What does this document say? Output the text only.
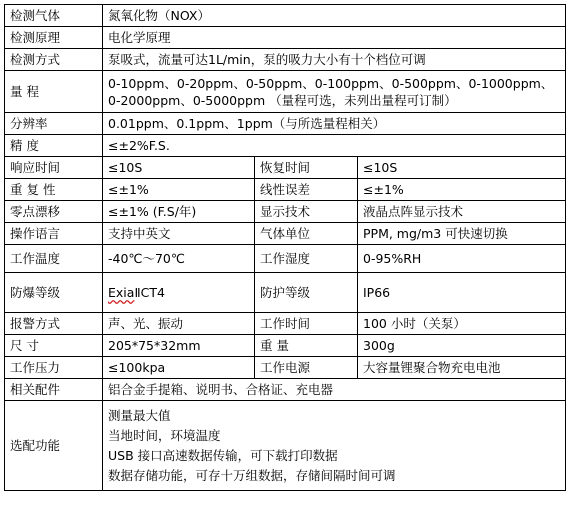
检测气体	氮氧化物（NOX）		
检测原理	电化学原理		
检测方式	泵吸式，流量可达1L/min，泵的吸力大小有十个档位可调		
量 程	0-10ppm、0-20ppm、0-50ppm、0-100ppm、0-500ppm、0-1000ppm、0-2000ppm、0-5000ppm （量程可选，未列出量程可订制）		
分辨率	0.01ppm、0.1ppm、1ppm（与所选量程相关）		
精 度	≤±2%F.S.		
响应时间	≤10S	恢复时间	≤10S
重 复 性	≤±1%	线性误差	≤±1%
零点漂移	≤±1% (F.S/年)	显示技术	液晶点阵显示技术
操作语言	支持中英文	气体单位	PPM, mg/m3 可快速切换
工作温度	-40℃～70℃	工作湿度	0-95%RH
防爆等级	ExiaⅡCT4	防护等级	IP66
报警方式	声、光、振动	工作时间	100 小时（关泵）
尺 寸	205*75*32mm	重 量	300g
工作压力	≤100kpa	工作电源	大容量锂聚合物充电电池
相关配件	铝合金手提箱、说明书、合格证、充电器		
选配功能	测量最大值
当地时间，环境温度
USB 接口高速数据传输，可下载打印数据
数据存储功能，可存十万组数据，存储间隔时间可调		
